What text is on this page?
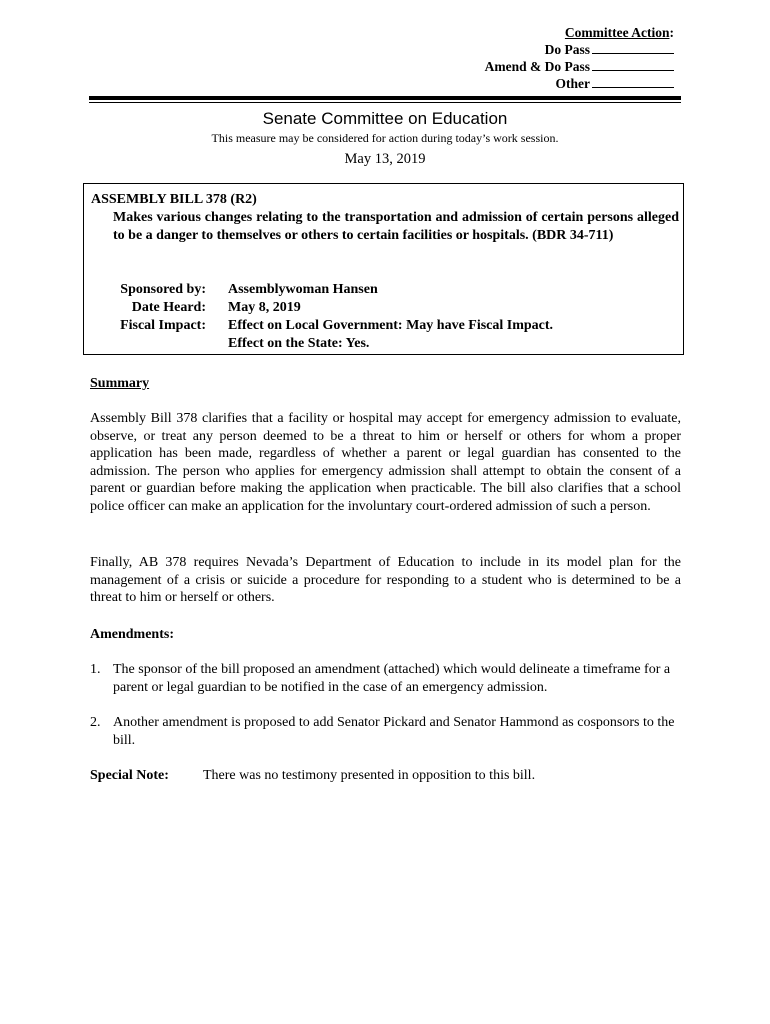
Committee Action:
Do Pass
Amend & Do Pass
Other
Senate Committee on Education
This measure may be considered for action during today’s work session.
May 13, 2019
ASSEMBLY BILL 378 (R2)
Makes various changes relating to the transportation and admission of certain persons alleged to be a danger to themselves or others to certain facilities or hospitals. (BDR 34-711)
Sponsored by:	Assemblywoman Hansen
Date Heard:	May 8, 2019
Fiscal Impact:	Effect on Local Government: May have Fiscal Impact.
Effect on the State: Yes.
Summary
Assembly Bill 378 clarifies that a facility or hospital may accept for emergency admission to evaluate, observe, or treat any person deemed to be a threat to him or herself or others for whom a proper application has been made, regardless of whether a parent or legal guardian has consented to the admission. The person who applies for emergency admission shall attempt to obtain the consent of a parent or guardian before making the application when practicable. The bill also clarifies that a school police officer can make an application for the involuntary court-ordered admission of such a person.
Finally, AB 378 requires Nevada’s Department of Education to include in its model plan for the management of a crisis or suicide a procedure for responding to a student who is determined to be a threat to him or herself or others.
Amendments:
1. The sponsor of the bill proposed an amendment (attached) which would delineate a timeframe for a parent or legal guardian to be notified in the case of an emergency admission.
2. Another amendment is proposed to add Senator Pickard and Senator Hammond as cosponsors to the bill.
Special Note:	There was no testimony presented in opposition to this bill.
